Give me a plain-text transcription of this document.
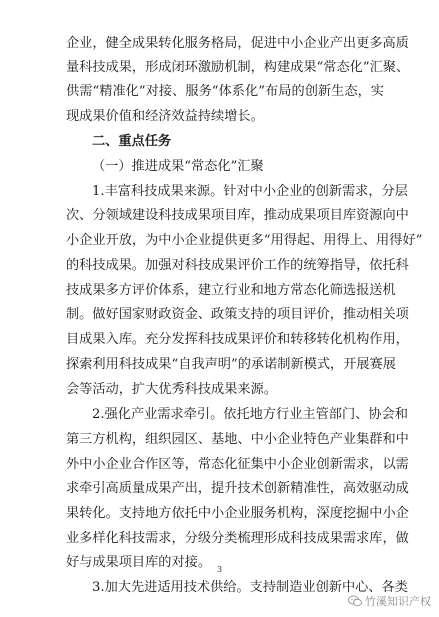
企业，健全成果转化服务格局，促进中小企业产出更多高质
量科技成果，形成闭环激励机制，构建成果“常态化”汇聚、
供需“精准化”对接、服务“体系化”布局的创新生态，实
现成果价值和经济效益持续增长。
二、重点任务
（一）推进成果“常态化”汇聚
1.丰富科技成果来源。针对中小企业的创新需求，分层
次、分领域建设科技成果项目库，推动成果项目库资源向中
小企业开放，为中小企业提供更多“用得起、用得上、用得好”
的科技成果。加强对科技成果评价工作的统筹指导，依托科
技成果多方评价体系，建立行业和地方常态化筛选报送机
制。做好国家财政资金、政策支持的项目评价，推动相关项
目成果入库。充分发挥科技成果评价和转移转化机构作用，
探索利用科技成果“自我声明”的承诺制新模式，开展赛展
会等活动，扩大优秀科技成果来源。
2.强化产业需求牵引。依托地方行业主管部门、协会和
第三方机构，组织园区、基地、中小企业特色产业集群和中
外中小企业合作区等，常态化征集中小企业创新需求，以需
求牵引高质量成果产出，提升技术创新精准性，高效驱动成
果转化。支持地方依托中小企业服务机构，深度挖掘中小企
业多样化科技需求，分级分类梳理形成科技成果需求库，做
好与成果项目库的对接。
3.加大先进适用技术供给。支持制造业创新中心、各类
3
竹溪知识产权
